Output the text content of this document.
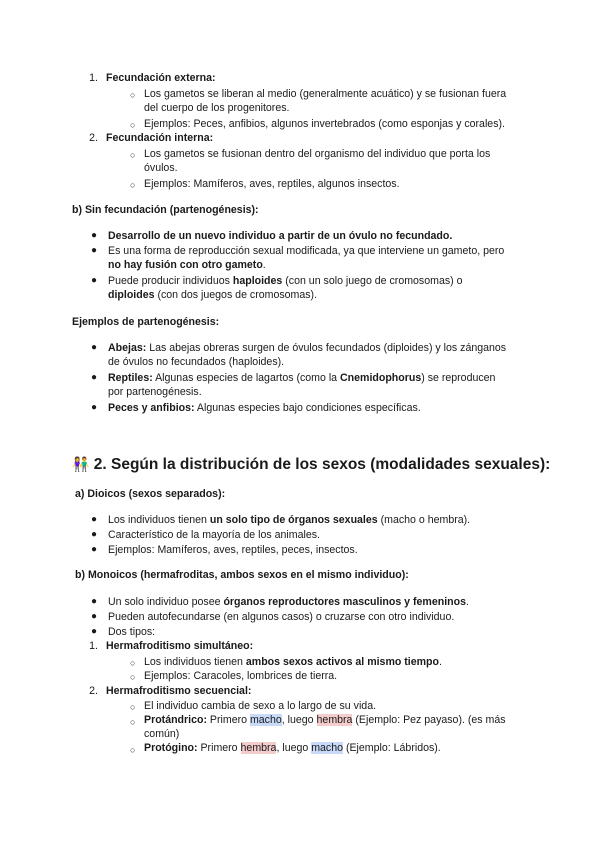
1. Fecundación externa:
○ Los gametos se liberan al medio (generalmente acuático) y se fusionan fuera
del cuerpo de los progenitores.
○ Ejemplos: Peces, anfibios, algunos invertebrados (como esponjas y corales).
2. Fecundación interna:
○ Los gametos se fusionan dentro del organismo del individuo que porta los
óvulos.
○ Ejemplos: Mamíferos, aves, reptiles, algunos insectos.
b) Sin fecundación (partenogénesis):
● Desarrollo de un nuevo individuo a partir de un óvulo no fecundado.
● Es una forma de reproducción sexual modificada, ya que interviene un gameto, pero
no hay fusión con otro gameto.
● Puede producir individuos haploides (con un solo juego de cromosomas) o
diploides (con dos juegos de cromosomas).
Ejemplos de partenogénesis:
● Abejas: Las abejas obreras surgen de óvulos fecundados (diploides) y los zánganos
de óvulos no fecundados (haploides).
● Reptiles: Algunas especies de lagartos (como la Cnemidophorus) se reproducen
por partenogénesis.
● Peces y anfibios: Algunas especies bajo condiciones específicas.
👫 2. Según la distribución de los sexos (modalidades sexuales):
a) Dioicos (sexos separados):
● Los individuos tienen un solo tipo de órganos sexuales (macho o hembra).
● Característico de la mayoría de los animales.
● Ejemplos: Mamíferos, aves, reptiles, peces, insectos.
b) Monoicos (hermafroditas, ambos sexos en el mismo individuo):
● Un solo individuo posee órganos reproductores masculinos y femeninos.
● Pueden autofecundarse (en algunos casos) o cruzarse con otro individuo.
● Dos tipos:
1. Hermafroditismo simultáneo:
○ Los individuos tienen ambos sexos activos al mismo tiempo.
○ Ejemplos: Caracoles, lombrices de tierra.
2. Hermafroditismo secuencial:
○ El individuo cambia de sexo a lo largo de su vida.
○ Protándrico: Primero macho, luego hembra (Ejemplo: Pez payaso). (es más
común)
○ Protógino: Primero hembra, luego macho (Ejemplo: Lábridos).
